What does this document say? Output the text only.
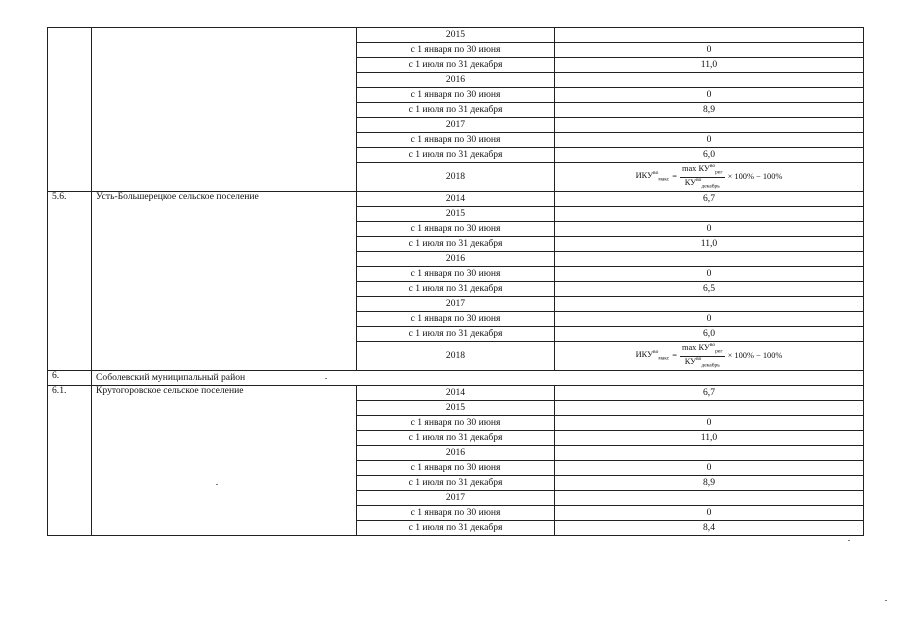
		2015	
		с 1 января по 30 июня	0
		с 1 июля по 31 декабря	11,0
		2016	
		с 1 января по 30 июня	0
		с 1 июля по 31 декабря	8,9
		2017	
		с 1 января по 30 июня	0
		с 1 июля по 31 декабря	6,0
		2018	$ИКУ^{во}_{макс} = \frac{\max КУ^{во}_{рег}}{КУ^{во}_{декабрь}} \times 100\% - 100\%$

5.6.	Усть-Большерецкое сельское поселение	2014	6,7
		2015	
		с 1 января по 30 июня	0
		с 1 июля по 31 декабря	11,0
		2016	
		с 1 января по 30 июня	0
		с 1 июля по 31 декабря	6,5
		2017	
		с 1 января по 30 июня	0
		с 1 июля по 31 декабря	6,0
		2018	$ИКУ^{во}_{макс} = \frac{\max КУ^{во}_{рег}}{КУ^{во}_{декабрь}} \times 100\% - 100\%$

6.	Соболевский муниципальный район		
6.1.	Крутогоровское сельское поселение	2014	6,7
		2015	
		с 1 января по 30 июня	0
		с 1 июля по 31 декабря	11,0
		2016	
		с 1 января по 30 июня	0
		с 1 июля по 31 декабря	8,9
		2017	
		с 1 января по 30 июня	0
		с 1 июля по 31 декабря	8,4
